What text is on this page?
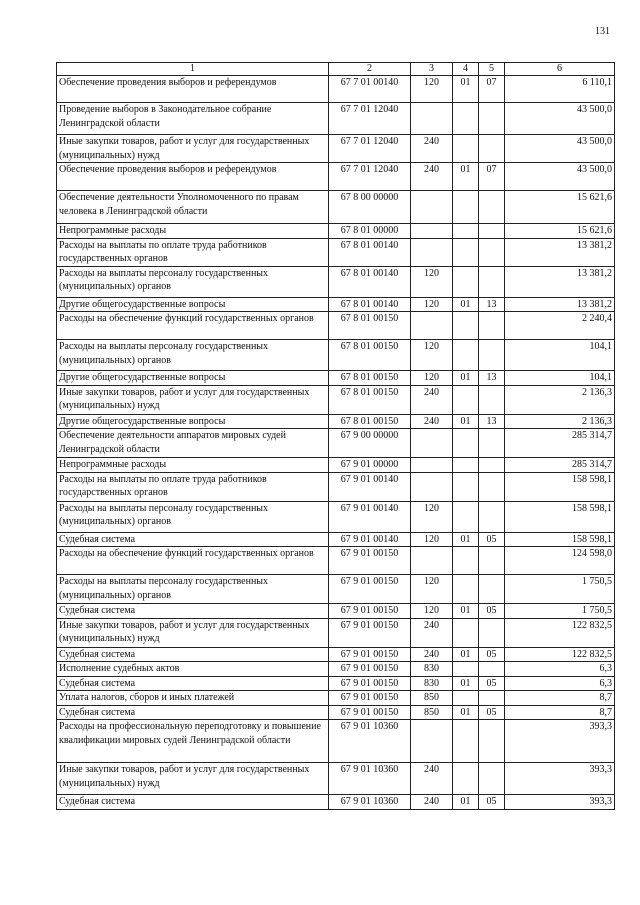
131
1	2	3	4	5	6
Обеспечение проведения выборов и референдумов	67 7 01 00140	120	01	07	6 110,1
Проведение выборов в Законодательное собрание Ленинградской области	67 7 01 12040				43 500,0
Иные закупки товаров, работ и услуг для государственных (муниципальных) нужд	67 7 01 12040	240			43 500,0
Обеспечение проведения выборов и референдумов	67 7 01 12040	240	01	07	43 500,0
Обеспечение деятельности Уполномоченного по правам человека в Ленинградской области	67 8 00 00000				15 621,6
Непрограммные расходы	67 8 01 00000				15 621,6
Расходы на выплаты по оплате труда работников государственных органов	67 8 01 00140				13 381,2
Расходы на выплаты персоналу государственных (муниципальных) органов	67 8 01 00140	120			13 381,2
Другие общегосударственные вопросы	67 8 01 00140	120	01	13	13 381,2
Расходы на обеспечение функций государственных органов	67 8 01 00150				2 240,4
Расходы на выплаты персоналу государственных (муниципальных) органов	67 8 01 00150	120			104,1
Другие общегосударственные вопросы	67 8 01 00150	120	01	13	104,1
Иные закупки товаров, работ и услуг для государственных (муниципальных) нужд	67 8 01 00150	240			2 136,3
Другие общегосударственные вопросы	67 8 01 00150	240	01	13	2 136,3
Обеспечение деятельности аппаратов мировых судей Ленинградской области	67 9 00 00000				285 314,7
Непрограммные расходы	67 9 01 00000				285 314,7
Расходы на выплаты по оплате труда работников государственных органов	67 9 01 00140				158 598,1
Расходы на выплаты персоналу государственных (муниципальных) органов	67 9 01 00140	120			158 598,1
Судебная система	67 9 01 00140	120	01	05	158 598,1
Расходы на обеспечение функций государственных органов	67 9 01 00150				124 598,0
Расходы на выплаты персоналу государственных (муниципальных) органов	67 9 01 00150	120			1 750,5
Судебная система	67 9 01 00150	120	01	05	1 750,5
Иные закупки товаров, работ и услуг для государственных (муниципальных) нужд	67 9 01 00150	240			122 832,5
Судебная система	67 9 01 00150	240	01	05	122 832,5
Исполнение судебных актов	67 9 01 00150	830			6,3
Судебная система	67 9 01 00150	830	01	05	6,3
Уплата налогов, сборов и иных платежей	67 9 01 00150	850			8,7
Судебная система	67 9 01 00150	850	01	05	8,7
Расходы на профессиональную переподготовку и повышение квалификации мировых судей Ленинградской области	67 9 01 10360				393,3
Иные закупки товаров, работ и услуг для государственных (муниципальных) нужд	67 9 01 10360	240			393,3
Судебная система	67 9 01 10360	240	01	05	393,3
